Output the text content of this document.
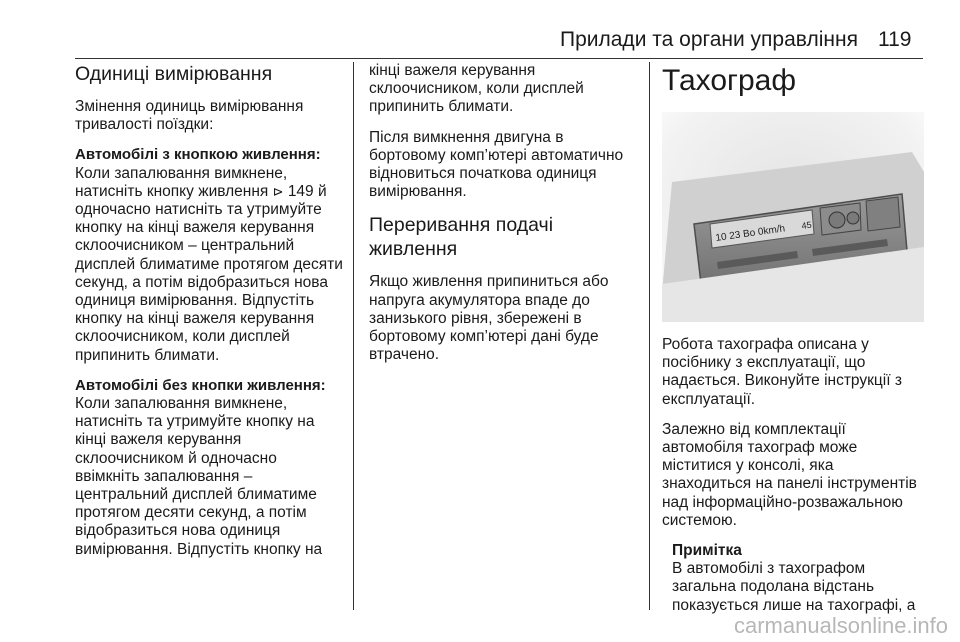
Прилади та органи управління 119
Одиниці вимірювання

Змінення одиниць вимірювання тривалості поїздки:

Автомобілі з кнопкою живлення:

Коли запалювання вимкнене, натисніть кнопку живлення ⊳ 149 й одночасно натисніть та утримуйте кнопку на кінці важеля керування склоочисником – центральний дисплей блиматиме протягом десяти секунд, а потім відобразиться нова одиниця вимірювання. Відпустіть кнопку на кінці важеля керування склоочисником, коли дисплей припинить блимати.

Автомобілі без кнопки живлення:

Коли запалювання вимкнене, натисніть та утримуйте кнопку на кінці важеля керування склоочисником й одночасно ввімкніть запалювання – центральний дисплей блиматиме протягом десяти секунд, а потім відобразиться нова одиниця вимірювання. Відпустіть кнопку на

кінці важеля керування склоочисником, коли дисплей припинить блимати.

Після вимкнення двигуна в бортовому комп’ютері автоматично відновиться початкова одиниця вимірювання.

Переривання подачі живлення

Якщо живлення припиниться або напруга акумулятора впаде до занизького рівня, збережені в бортовому комп’ютері дані буде втрачено.

Тахограф
10 23 Bo 0km/h 45

Робота тахографа описана у посібнику з експлуатації, що надається. Виконуйте інструкції з експлуатації.

Залежно від комплектації автомобіля тахограф може міститися у консолі, яка знаходиться на панелі інструментів над інформаційно-розважальною системою.

Примітка
В автомобілі з тахографом загальна подолана відстань показується лише на тахографі, а
carmanualsonline.info
